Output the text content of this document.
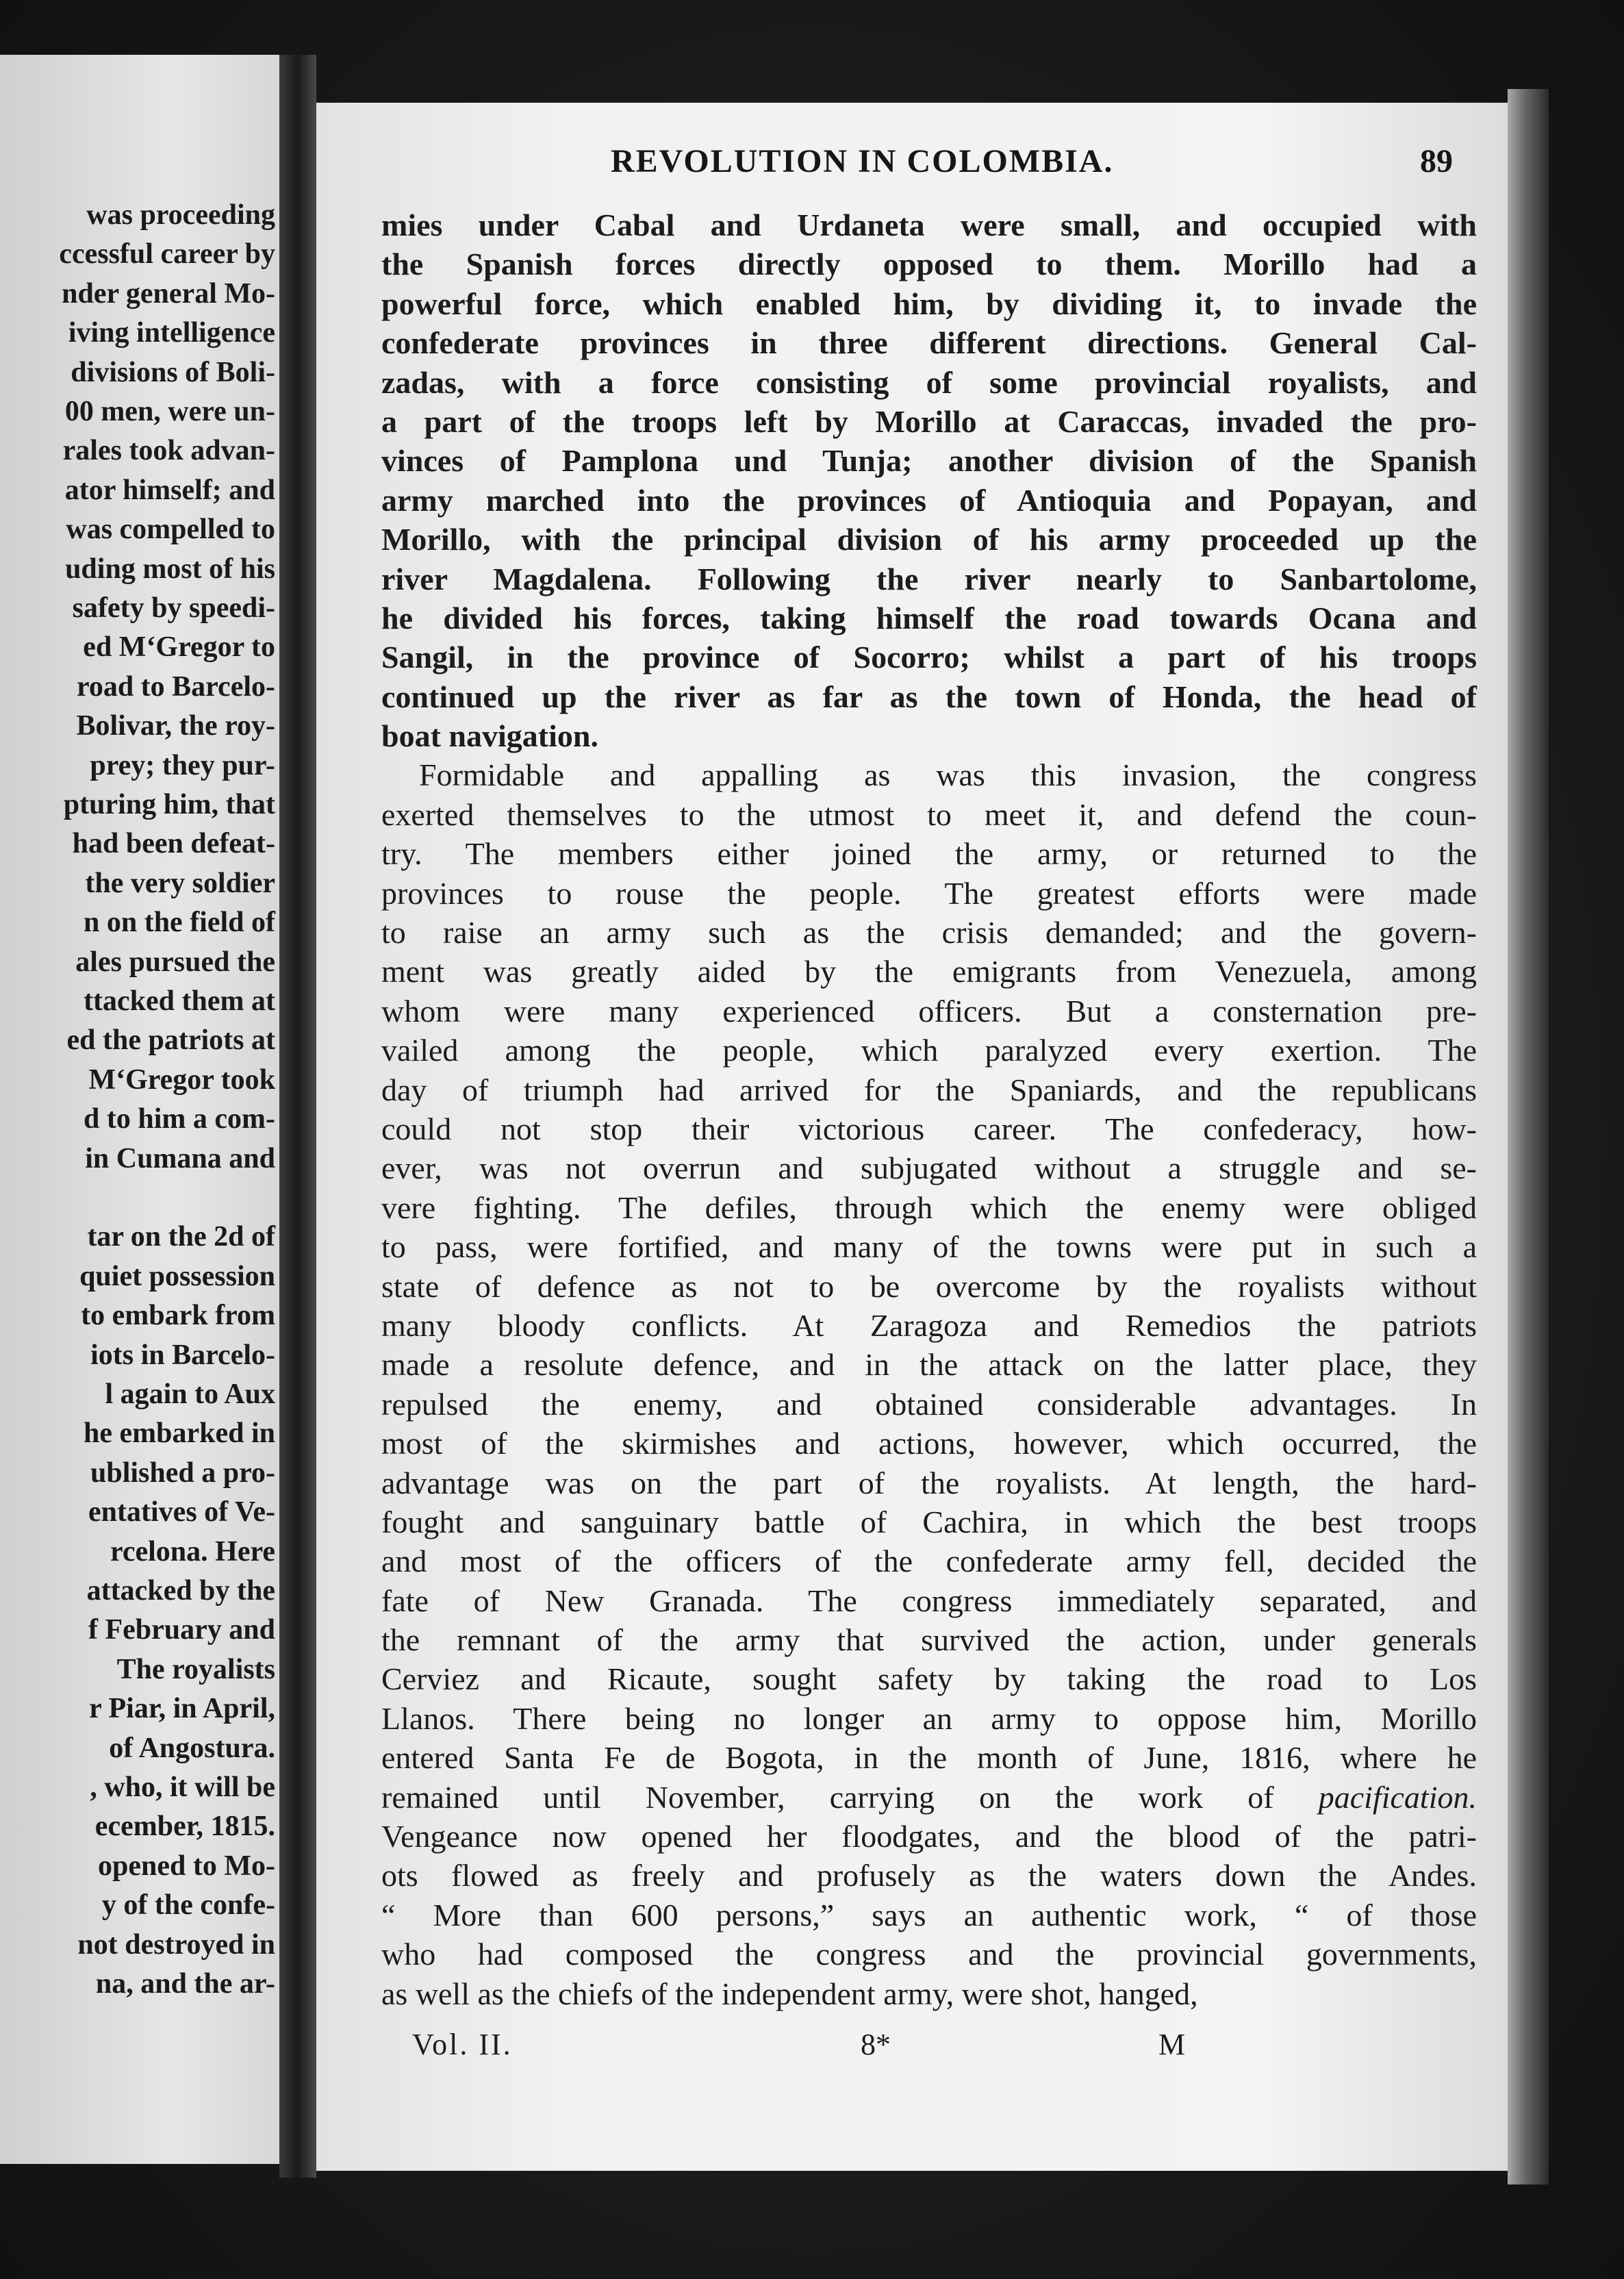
was proceeding
ccessful career by
nder general Mo-
iving intelligence
divisions of Boli-
00 men, were un-
rales took advan-
ator himself; and
was compelled to
uding most of his
safety by speedi-
ed M‘Gregor to
road to Barcelo-
Bolivar, the roy-
prey; they pur-
pturing him, that
had been defeat-
the very soldier
n on the field of
ales pursued the
ttacked them at
ed the patriots at
M‘Gregor took
d to him a com-
in Cumana and
tar on the 2d of
quiet possession
to embark from
iots in Barcelo-
l again to Aux
he embarked in
ublished a pro-
entatives of Ve-
rcelona. Here
attacked by the
f February and
The royalists
r Piar, in April,
of Angostura.
, who, it will be
ecember, 1815.
opened to Mo-
y of the confe-
not destroyed in
na, and the ar-
REVOLUTION IN COLOMBIA.	89
mies under Cabal and Urdaneta were small, and occupied with
the Spanish forces directly opposed to them. Morillo had a
powerful force, which enabled him, by dividing it, to invade the
confederate provinces in three different directions. General Cal-
zadas, with a force consisting of some provincial royalists, and
a part of the troops left by Morillo at Caraccas, invaded the pro-
vinces of Pamplona und Tunja; another division of the Spanish
army marched into the provinces of Antioquia and Popayan, and
Morillo, with the principal division of his army proceeded up the
river Magdalena. Following the river nearly to Sanbartolome,
he divided his forces, taking himself the road towards Ocana and
Sangil, in the province of Socorro; whilst a part of his troops
continued up the river as far as the town of Honda, the head of
boat navigation.
Formidable and appalling as was this invasion, the congress
exerted themselves to the utmost to meet it, and defend the coun-
try. The members either joined the army, or returned to the
provinces to rouse the people. The greatest efforts were made
to raise an army such as the crisis demanded; and the govern-
ment was greatly aided by the emigrants from Venezuela, among
whom were many experienced officers. But a consternation pre-
vailed among the people, which paralyzed every exertion. The
day of triumph had arrived for the Spaniards, and the republicans
could not stop their victorious career. The confederacy, how-
ever, was not overrun and subjugated without a struggle and se-
vere fighting. The defiles, through which the enemy were obliged
to pass, were fortified, and many of the towns were put in such a
state of defence as not to be overcome by the royalists without
many bloody conflicts. At Zaragoza and Remedios the patriots
made a resolute defence, and in the attack on the latter place, they
repulsed the enemy, and obtained considerable advantages. In
most of the skirmishes and actions, however, which occurred, the
advantage was on the part of the royalists. At length, the hard-
fought and sanguinary battle of Cachira, in which the best troops
and most of the officers of the confederate army fell, decided the
fate of New Granada. The congress immediately separated, and
the remnant of the army that survived the action, under generals
Cerviez and Ricaute, sought safety by taking the road to Los
Llanos. There being no longer an army to oppose him, Morillo
entered Santa Fe de Bogota, in the month of June, 1816, where he
remained until November, carrying on the work of pacification.
Vengeance now opened her floodgates, and the blood of the patri-
ots flowed as freely and profusely as the waters down the Andes.
“ More than 600 persons,” says an authentic work, “ of those
who had composed the congress and the provincial governments,
as well as the chiefs of the independent army, were shot, hanged,
Vol. II.	8*	M
